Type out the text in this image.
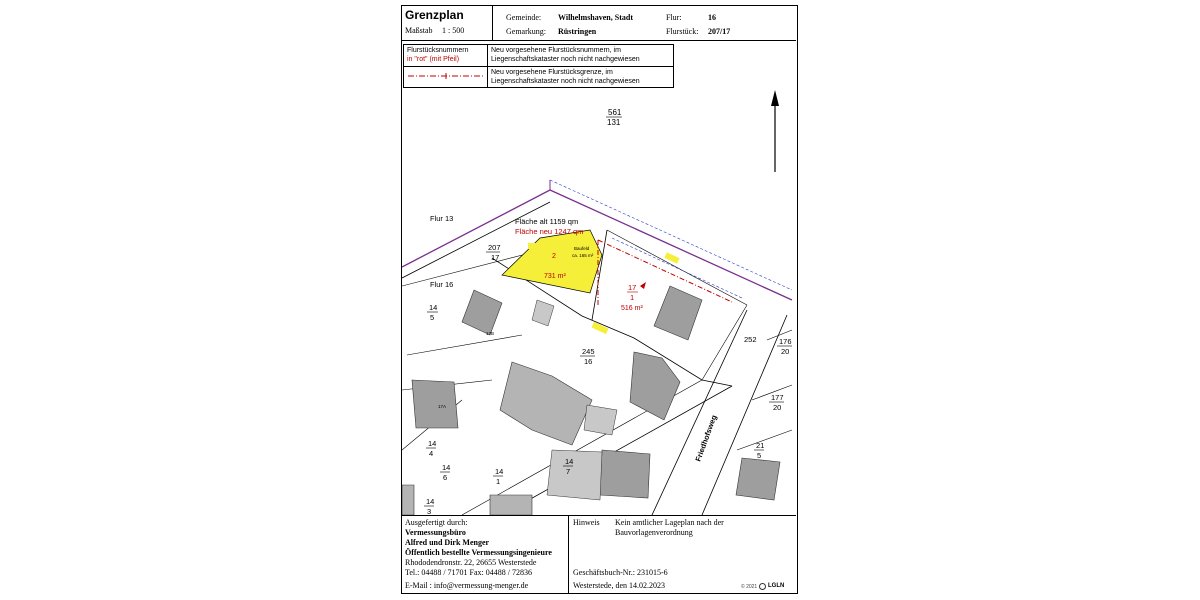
Grenzplan
Maßstab 1 : 500
Gemeinde: Wilhelmshaven, Stadt
Gemarkung: Rüstringen
Flur:	16
Flurstück: 207/17
Flurstücksnummern
in "rot" (mit Pfeil)
Neu vorgesehene Flurstücksnummern, im
Liegenschaftskataster noch nicht nachgewiesen
Neu vorgesehene Flurstücksgrenze, im
Liegenschaftskataster noch nicht nachgewiesen
561
131
Flur 13
Flur 16
Fläche alt 1159 qm
Fläche neu 1247 qm
207
17	2
731 m²
Baufeld
ca. 165 m²
17
1
516 m²
14
5
245
16
252	176
20
177
20
21
5
14
4
14
6
14
3
14
1
14
7
17B
17A
Friedhofsweg
Ausgefertigt durch:
Vermessungsbüro
Alfred und Dirk Menger
Öffentlich bestellte Vermessungsingenieure
Rhododendronstr. 22, 26655 Westerstede
Tel.: 04488 / 71701 Fax: 04488 / 72836
E-Mail : info@vermessung-menger.de
Hinweis Kein amtlicher Lageplan nach der
Bauvorlagenverordnung
Geschäftsbuch-Nr.: 231015-6
Westerstede, den 14.02.2023	© 2021 LGLN
